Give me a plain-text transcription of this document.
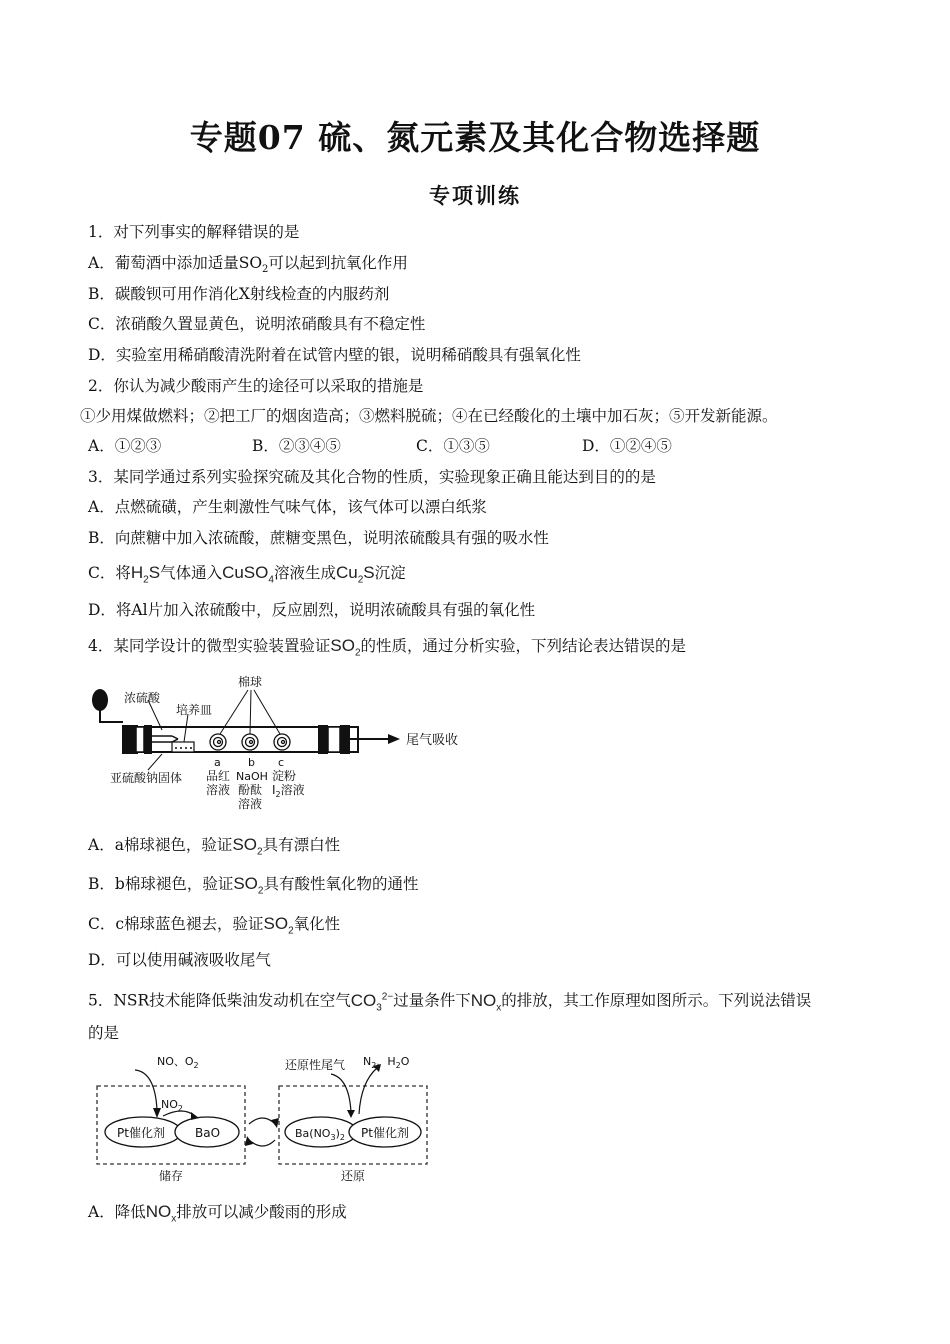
专题07 硫、氮元素及其化合物选择题
专项训练
1．对下列事实的解释错误的是
A．葡萄酒中添加适量$SO_2$可以起到抗氧化作用
B．碳酸钡可用作消化X射线检查的内服药剂
C．浓硝酸久置显黄色，说明浓硝酸具有不稳定性
D．实验室用稀硝酸清洗附着在试管内壁的银，说明稀硝酸具有强氧化性
2．你认为减少酸雨产生的途径可以采取的措施是
①少用煤做燃料；②把工厂的烟囱造高；③燃料脱硫；④在已经酸化的土壤中加石灰；⑤开发新能源。
A．①②③	B．②③④⑤	C．①③⑤	D．①②④⑤
3．某同学通过系列实验探究硫及其化合物的性质，实验现象正确且能达到目的的是
A．点燃硫磺，产生刺激性气味气体，该气体可以漂白纸浆
B．向蔗糖中加入浓硫酸，蔗糖变黑色，说明浓硫酸具有强的吸水性
C．将$H_2S$气体通入CuSO$_4$溶液生成$Cu_2S$沉淀
D．将Al片加入浓硫酸中，反应剧烈，说明浓硫酸具有强的氧化性
4．某同学设计的微型实验装置验证$SO_2$的性质，通过分析实验，下列结论表达错误的是
浓硫酸
培养皿
棉球
尾气吸收
亚硫酸钠固体
a
品红
溶液
b
NaOH
酚酞
溶液
c
淀粉
$I_2$溶液
A．a棉球褪色，验证$SO_2$具有漂白性
B．b棉球褪色，验证$SO_2$具有酸性氧化物的通性
C．c棉球蓝色褪去，验证$SO_2$氧化性
D．可以使用碱液吸收尾气
5．NSR技术能降低柴油发动机在空气$CO_3^{2-}$过量条件下$NO_x$的排放，其工作原理如图所示。下列说法错误
的是
Pt催化剂	BaO
NO、$O_2$
$NO_2$
储存
$Ba(NO_3)_2$ Pt催化剂
还原性尾气 $N_2$、$H_2O$
还原
A．降低$NO_x$排放可以减少酸雨的形成
